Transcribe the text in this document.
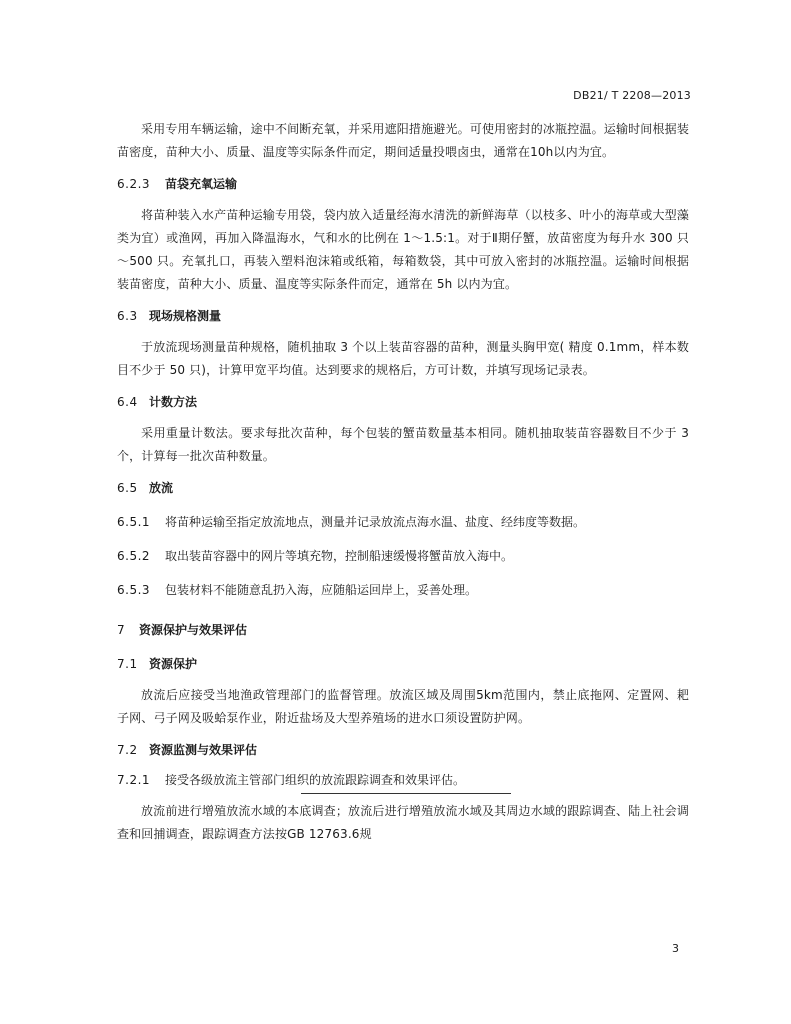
DB21/ T 2208—2013

采用专用车辆运输，途中不间断充氧，并采用遮阳措施避光。可使用密封的冰瓶控温。运输时间根据装苗密度，苗种大小、质量、温度等实际条件而定，期间适量投喂卤虫，通常在10h以内为宜。

6.2.3 苗袋充氧运输

将苗种装入水产苗种运输专用袋，袋内放入适量经海水清洗的新鲜海草（以枝多、叶小的海草或大型藻类为宜）或渔网，再加入降温海水，气和水的比例在 1～1.5:1。对于Ⅱ期仔蟹，放苗密度为每升水 300 只～500 只。充氧扎口，再装入塑料泡沫箱或纸箱，每箱数袋，其中可放入密封的冰瓶控温。运输时间根据装苗密度，苗种大小、质量、温度等实际条件而定，通常在 5h 以内为宜。

6.3 现场规格测量

于放流现场测量苗种规格，随机抽取 3 个以上装苗容器的苗种，测量头胸甲宽( 精度 0.1mm，样本数目不少于 50 只)，计算甲宽平均值。达到要求的规格后，方可计数，并填写现场记录表。

6.4 计数方法

采用重量计数法。要求每批次苗种，每个包装的蟹苗数量基本相同。随机抽取装苗容器数目不少于 3个，计算每一批次苗种数量。

6.5 放流

6.5.1 将苗种运输至指定放流地点，测量并记录放流点海水温、盐度、经纬度等数据。

6.5.2 取出装苗容器中的网片等填充物，控制船速缓慢将蟹苗放入海中。

6.5.3 包装材料不能随意乱扔入海，应随船运回岸上，妥善处理。

7 资源保护与效果评估

7.1 资源保护

放流后应接受当地渔政管理部门的监督管理。放流区域及周围5km范围内，禁止底拖网、定置网、耙子网、弓子网及吸蛤泵作业，附近盐场及大型养殖场的进水口须设置防护网。

7.2 资源监测与效果评估

7.2.1 接受各级放流主管部门组织的放流跟踪调查和效果评估。

放流前进行增殖放流水域的本底调查；放流后进行增殖放流水域及其周边水域的跟踪调查、陆上社会调查和回捕调查，跟踪调查方法按GB 12763.6规

3
